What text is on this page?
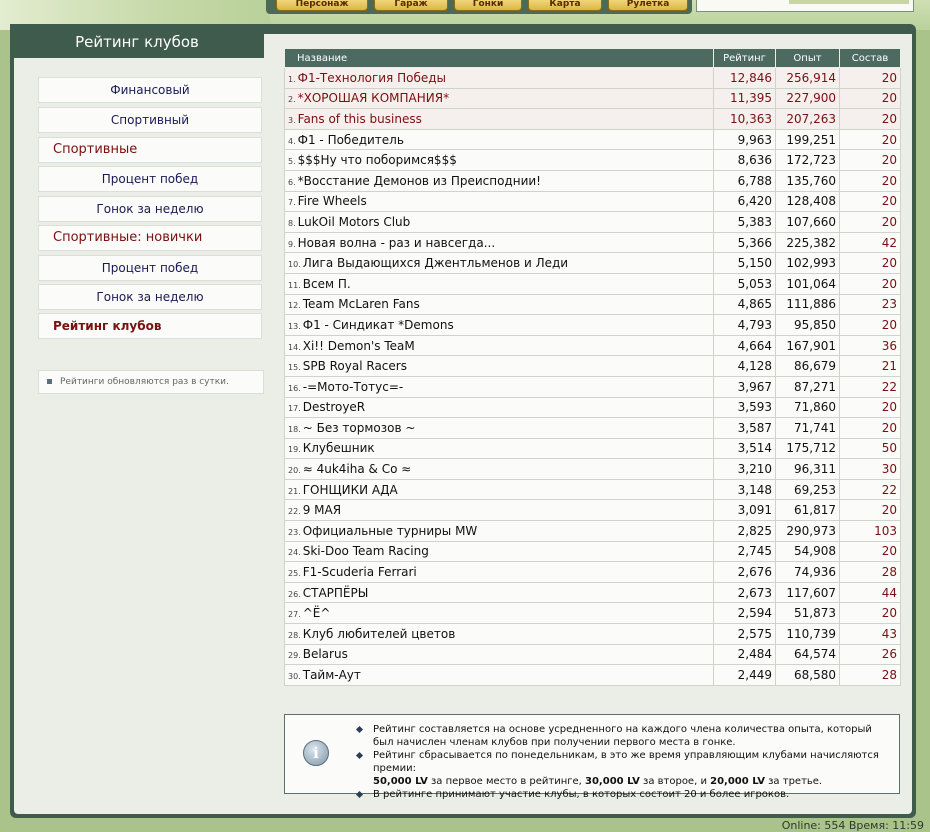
Персонаж	Гараж	Гонки	Карта	Рулетка
Рейтинг клубов
Финансовый
Спортивный
Спортивные
Процент побед
Гонок за неделю
Спортивные: новички
Процент побед
Гонок за неделю
Рейтинг клубов
Рейтинги обновляются раз в сутки.
Название	Рейтинг	Опыт	Состав
1. Ф1-Технология Победы	12,846	256,914	20
2. *ХОРОШАЯ КОМПАНИЯ*	11,395	227,900	20
3. Fans of this business	10,363	207,263	20
4. Ф1 - Победитель	9,963	199,251	20
5. $$$Ну что поборимся$$$	8,636	172,723	20
6. *Восстание Демонов из Преисподнии!	6,788	135,760	20
7. Fire Wheels	6,420	128,408	20
8. LukOil Motors Club	5,383	107,660	20
9. Новая волна - раз и навсегда...	5,366	225,382	42
10. Лига Выдающихся Джентльменов и Леди	5,150	102,993	20
11. Всем П.	5,053	101,064	20
12. Team McLaren Fans	4,865	111,886	23
13. Ф1 - Синдикат *Demons	4,793	95,850	20
14. Xi!! Demon's TeaM	4,664	167,901	36
15. SPB Royal Racers	4,128	86,679	21
16. -=Мото-Тотус=-	3,967	87,271	22
17. DestroyeR	3,593	71,860	20
18. ~ Без тормозов ~	3,587	71,741	20
19. Клубешник	3,514	175,712	50
20. ≈ 4uk4iha & Co ≈	3,210	96,311	30
21. ГОНЩИКИ АДА	3,148	69,253	22
22. 9 МАЯ	3,091	61,817	20
23. Официальные турниры MW	2,825	290,973	103
24. Ski-Doo Team Racing	2,745	54,908	20
25. F1-Scuderia Ferrari	2,676	74,936	28
26. СТАРПЁРЫ	2,673	117,607	44
27. ^Ё^	2,594	51,873	20
28. Клуб любителей цветов	2,575	110,739	43
29. Belarus	2,484	64,574	26
30. Тайм-Аут	2,449	68,580	28
i
Рейтинг составляется на основе усредненного на каждого члена количества опыта, который был начислен членам клубов при получении первого места в гонке.
Рейтинг сбрасывается по понедельникам, в это же время управляющим клубами начисляются премии:
50,000 LV за первое место в рейтинге, 30,000 LV за второе, и 20,000 LV за третье.
В рейтинге принимают участие клубы, в которых состоит 20 и более игроков.
Online: 554 Время: 11:59
